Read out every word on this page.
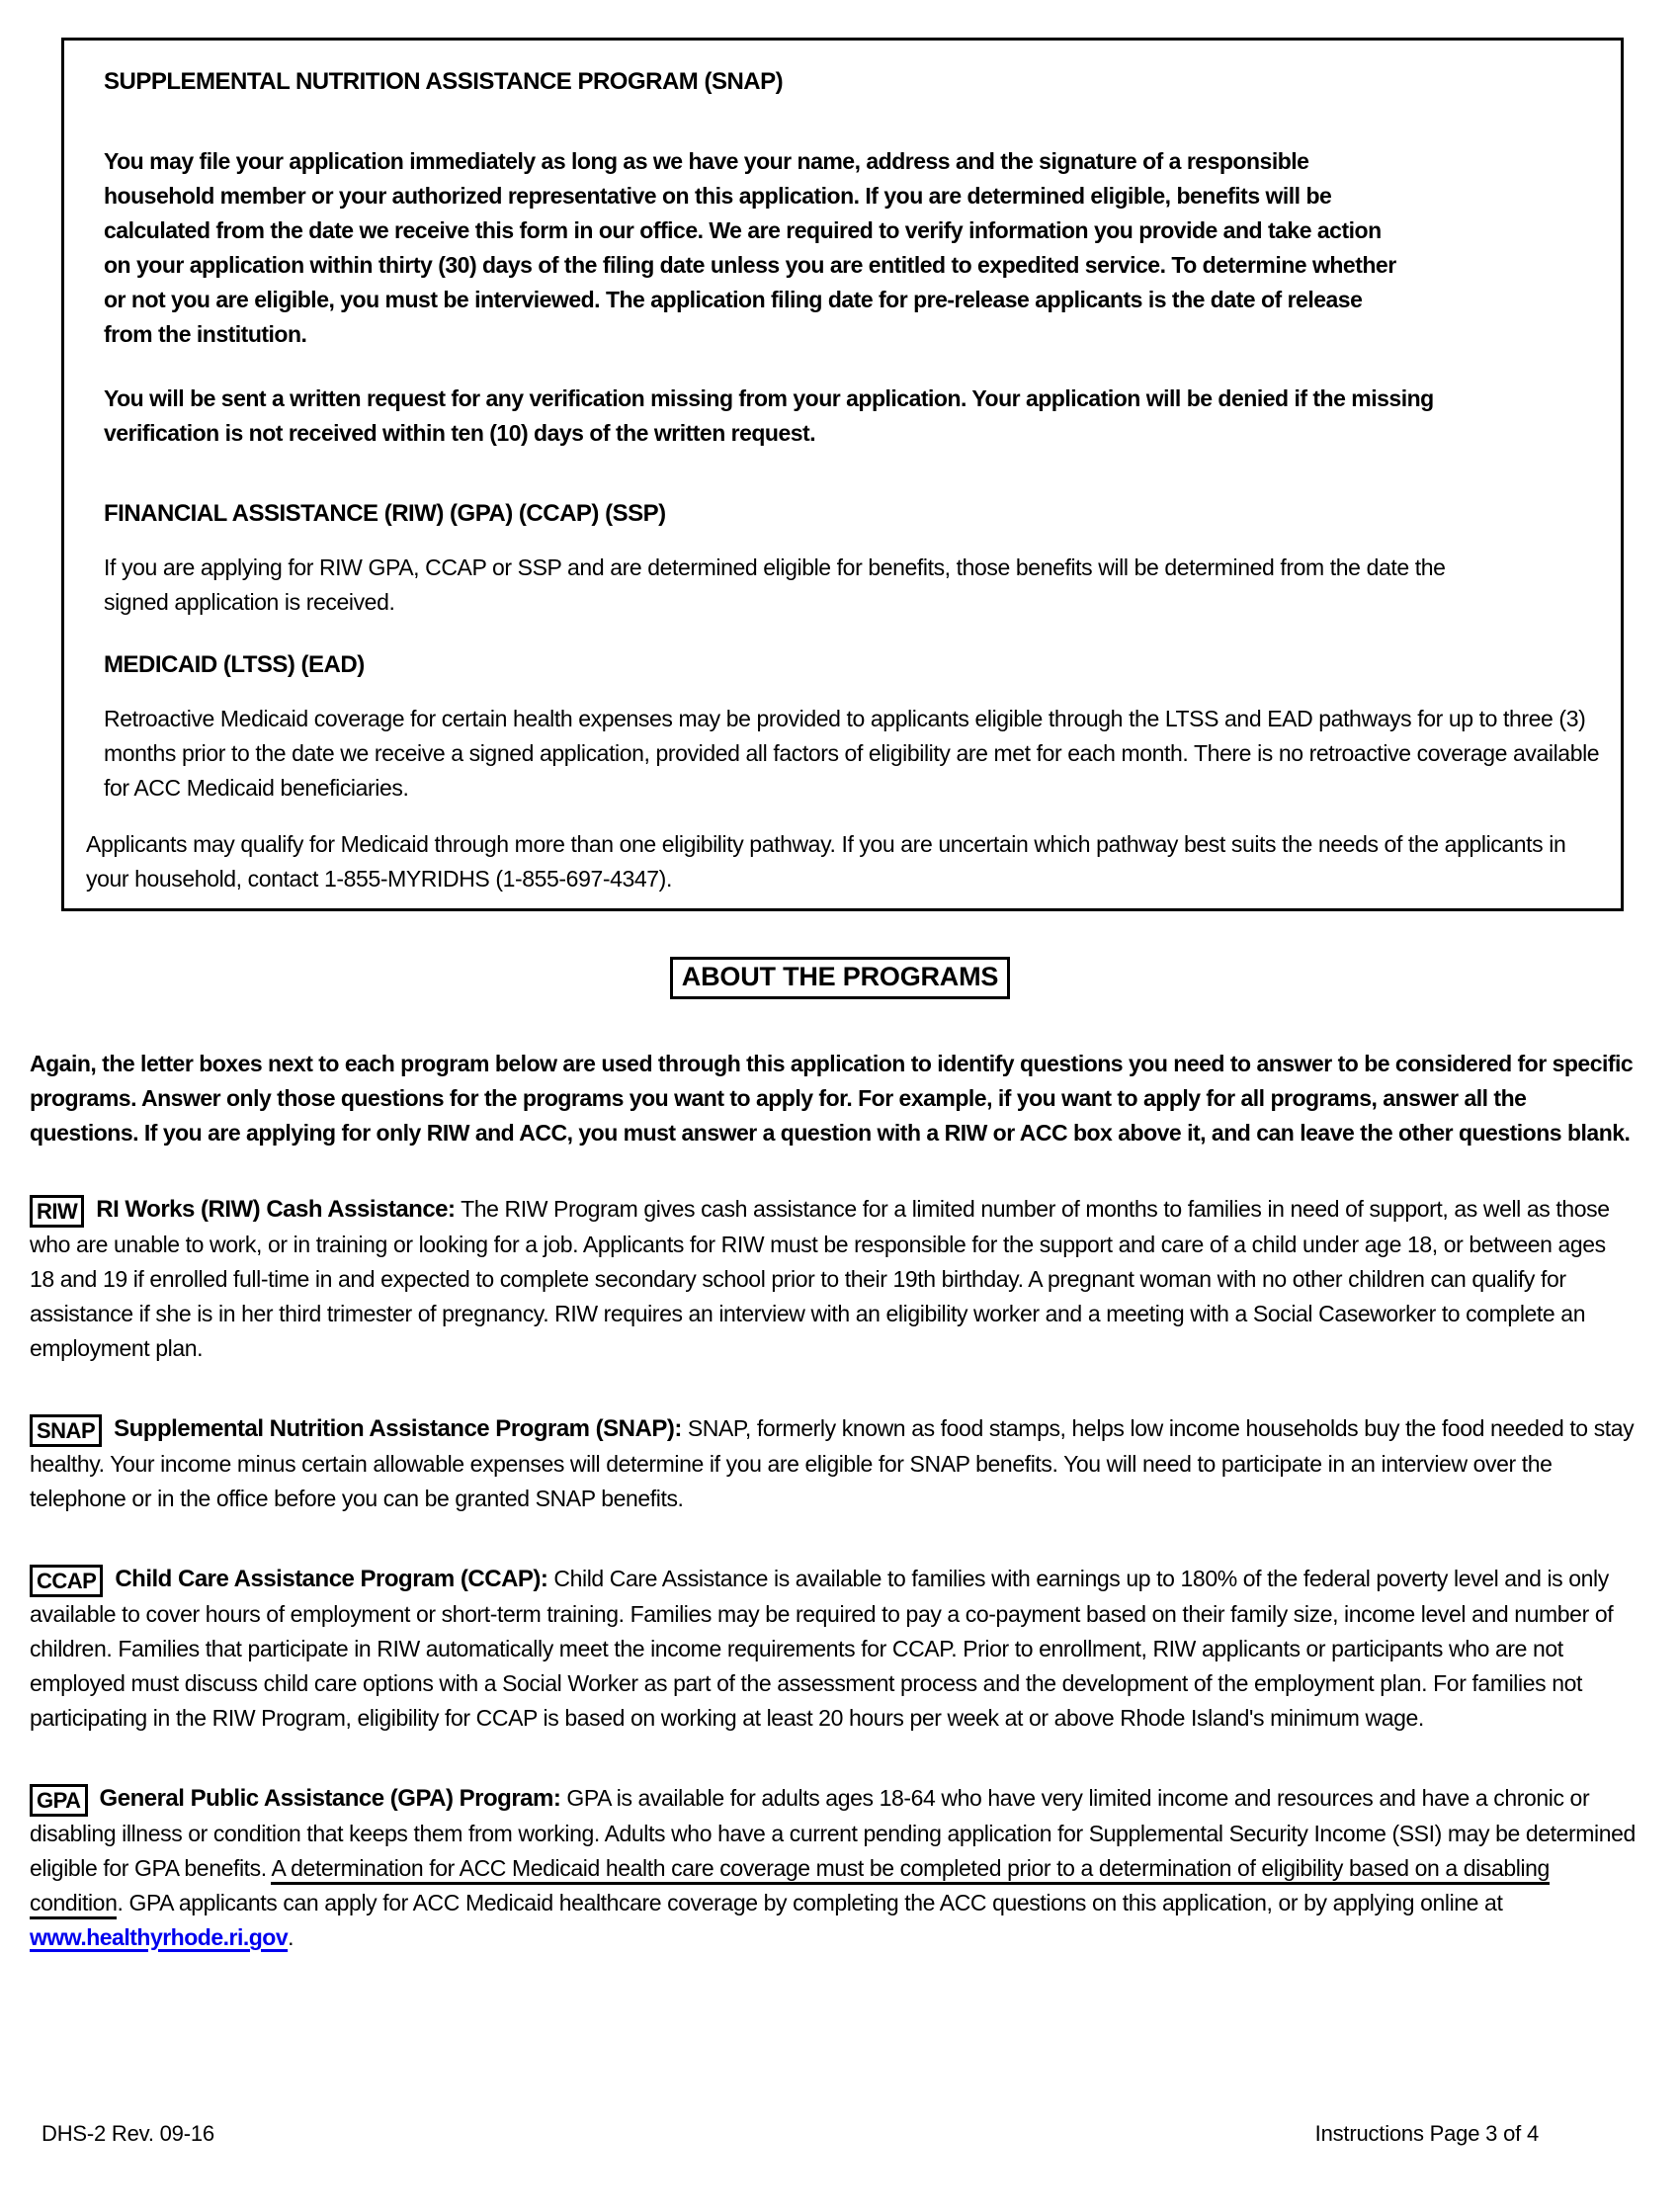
SUPPLEMENTAL NUTRITION ASSISTANCE PROGRAM (SNAP)

You may file your application immediately as long as we have your name, address and the signature of a responsible household member or your authorized representative on this application. If you are determined eligible, benefits will be calculated from the date we receive this form in our office. We are required to verify information you provide and take action on your application within thirty (30) days of the filing date unless you are entitled to expedited service. To determine whether or not you are eligible, you must be interviewed. The application filing date for pre-release applicants is the date of release from the institution.

You will be sent a written request for any verification missing from your application. Your application will be denied if the missing verification is not received within ten (10) days of the written request.

FINANCIAL ASSISTANCE (RIW) (GPA) (CCAP) (SSP)

If you are applying for RIW GPA, CCAP or SSP and are determined eligible for benefits, those benefits will be determined from the date the signed application is received.

MEDICAID (LTSS) (EAD)

Retroactive Medicaid coverage for certain health expenses may be provided to applicants eligible through the LTSS and EAD pathways for up to three (3) months prior to the date we receive a signed application, provided all factors of eligibility are met for each month. There is no retroactive coverage available for ACC Medicaid beneficiaries.

Applicants may qualify for Medicaid through more than one eligibility pathway. If you are uncertain which pathway best suits the needs of the applicants in your household, contact 1-855-MYRIDHS (1-855-697-4347).

ABOUT THE PROGRAMS

Again, the letter boxes next to each program below are used through this application to identify questions you need to answer to be considered for specific programs. Answer only those questions for the programs you want to apply for. For example, if you want to apply for all programs, answer all the questions. If you are applying for only RIW and ACC, you must answer a question with a RIW or ACC box above it, and can leave the other questions blank.

RIW RI Works (RIW) Cash Assistance: The RIW Program gives cash assistance for a limited number of months to families in need of support, as well as those who are unable to work, or in training or looking for a job. Applicants for RIW must be responsible for the support and care of a child under age 18, or between ages 18 and 19 if enrolled full-time in and expected to complete secondary school prior to their 19th birthday. A pregnant woman with no other children can qualify for assistance if she is in her third trimester of pregnancy. RIW requires an interview with an eligibility worker and a meeting with a Social Caseworker to complete an employment plan.

SNAP Supplemental Nutrition Assistance Program (SNAP): SNAP, formerly known as food stamps, helps low income households buy the food needed to stay healthy. Your income minus certain allowable expenses will determine if you are eligible for SNAP benefits. You will need to participate in an interview over the telephone or in the office before you can be granted SNAP benefits.

CCAP Child Care Assistance Program (CCAP): Child Care Assistance is available to families with earnings up to 180% of the federal poverty level and is only available to cover hours of employment or short-term training. Families may be required to pay a co-payment based on their family size, income level and number of children. Families that participate in RIW automatically meet the income requirements for CCAP. Prior to enrollment, RIW applicants or participants who are not employed must discuss child care options with a Social Worker as part of the assessment process and the development of the employment plan. For families not participating in the RIW Program, eligibility for CCAP is based on working at least 20 hours per week at or above Rhode Island's minimum wage.

GPA General Public Assistance (GPA) Program: GPA is available for adults ages 18-64 who have very limited income and resources and have a chronic or disabling illness or condition that keeps them from working. Adults who have a current pending application for Supplemental Security Income (SSI) may be determined eligible for GPA benefits. A determination for ACC Medicaid health care coverage must be completed prior to a determination of eligibility based on a disabling condition. GPA applicants can apply for ACC Medicaid healthcare coverage by completing the ACC questions on this application, or by applying online at www.healthyrhode.ri.gov.

DHS-2 Rev. 09-16	Instructions Page 3 of 4
